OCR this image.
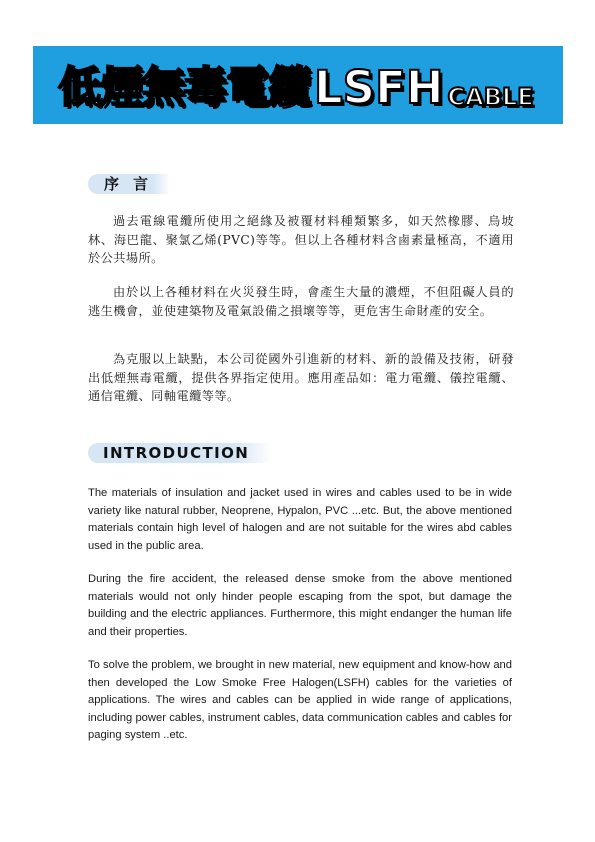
低煙無毒電纜 LSFH CABLE
序言

過去電線電纜所使用之絕緣及被覆材料種類繁多，如天然橡膠、烏坡林、海巴龍、聚氯乙烯(PVC)等等。但以上各種材料含鹵素量極高，不適用於公共場所。

由於以上各種材料在火災發生時，會產生大量的濃煙，不但阻礙人員的逃生機會，並使建築物及電氣設備之損壞等等，更危害生命財產的安全。

為克服以上缺點，本公司從國外引進新的材料、新的設備及技術，研發出低煙無毒電纜，提供各界指定使用。應用產品如：電力電纜、儀控電纜、通信電纜、同軸電纜等等。

INTRODUCTION

The materials of insulation and jacket used in wires and cables used to be in wide variety like natural rubber, Neoprene, Hypalon, PVC ...etc. But, the above mentioned materials contain high level of halogen and are not suitable for the wires abd cables used in the public area.

During the fire accident, the released dense smoke from the above mentioned materials would not only hinder people escaping from the spot, but damage the building and the electric appliances. Furthermore, this might endanger the human life and their properties.

To solve the problem, we brought in new material, new equipment and know-how and then developed the Low Smoke Free Halogen(LSFH) cables for the varieties of applications. The wires and cables can be applied in wide range of applications, including power cables, instrument cables, data communication cables and cables for paging system ..etc.
